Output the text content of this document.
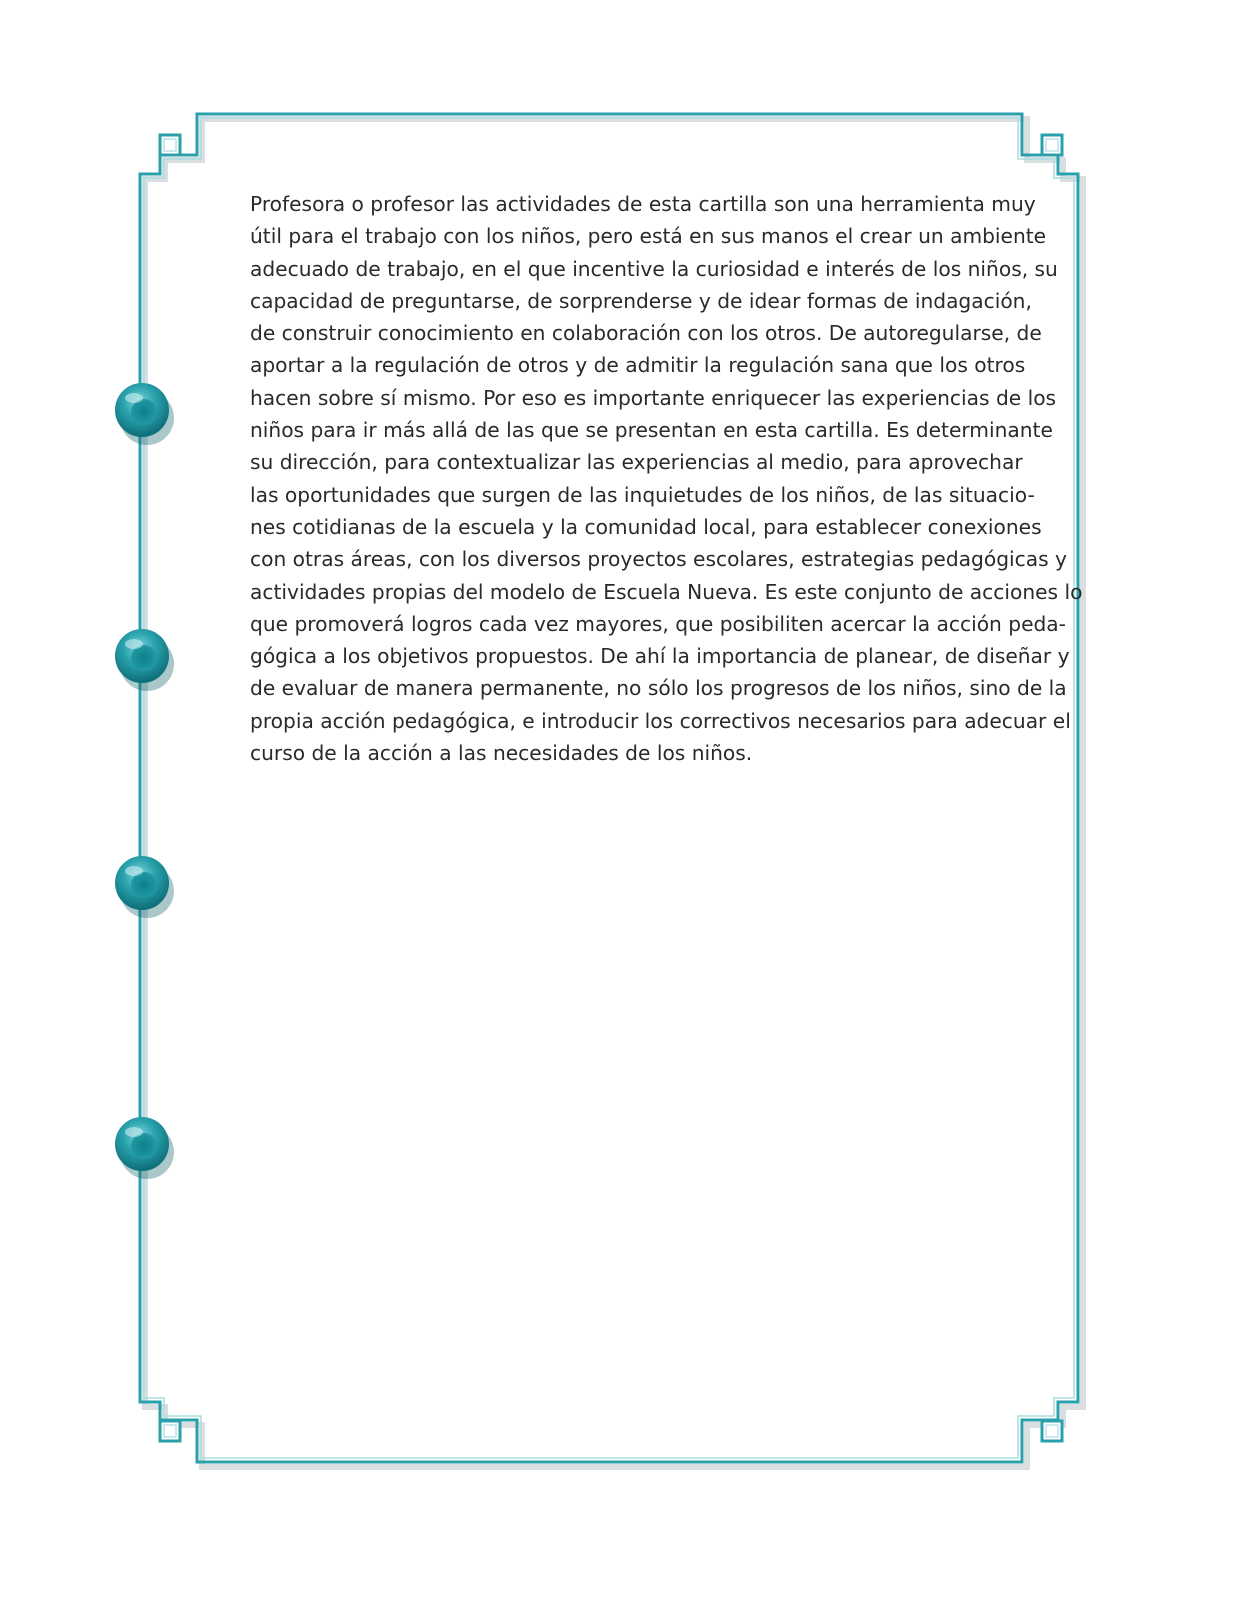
Profesora o profesor las actividades de esta cartilla son una herramienta muy
útil para el trabajo con los niños, pero está en sus manos el crear un ambiente
adecuado de trabajo, en el que incentive la curiosidad e interés de los niños, su
capacidad de preguntarse, de sorprenderse y de idear formas de indagación,
de construir conocimiento en colaboración con los otros. De autoregularse, de
aportar a la regulación de otros y de admitir la regulación sana que los otros
hacen sobre sí mismo. Por eso es importante enriquecer las experiencias de los
niños para ir más allá de las que se presentan en esta cartilla. Es determinante
su dirección, para contextualizar las experiencias al medio, para aprovechar
las oportunidades que surgen de las inquietudes de los niños, de las situacio-
nes cotidianas de la escuela y la comunidad local, para establecer conexiones
con otras áreas, con los diversos proyectos escolares, estrategias pedagógicas y
actividades propias del modelo de Escuela Nueva. Es este conjunto de acciones lo
que promoverá logros cada vez mayores, que posibiliten acercar la acción peda-
gógica a los objetivos propuestos. De ahí la importancia de planear, de diseñar y
de evaluar de manera permanente, no sólo los progresos de los niños, sino de la
propia acción pedagógica, e introducir los correctivos necesarios para adecuar el
curso de la acción a las necesidades de los niños.
